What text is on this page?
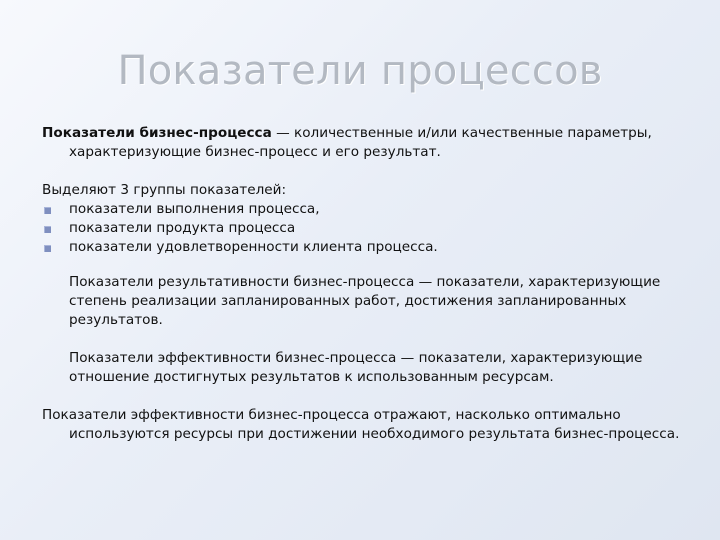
Показатели процессов

Показатели бизнес-процесса — количественные и/или качественные параметры, характеризующие бизнес-процесс и его результат.

Выделяют 3 группы показателей:

показатели выполнения процесса,
показатели продукта процесса
показатели удовлетворенности клиента процесса.

Показатели результативности бизнес-процесса — показатели, характеризующие степень реализации запланированных работ, достижения запланированных результатов.

Показатели эффективности бизнес-процесса — показатели, характеризующие отношение достигнутых результатов к использованным ресурсам.

Показатели эффективности бизнес-процесса отражают, насколько оптимально используются ресурсы при достижении необходимого результата бизнес-процесса.
